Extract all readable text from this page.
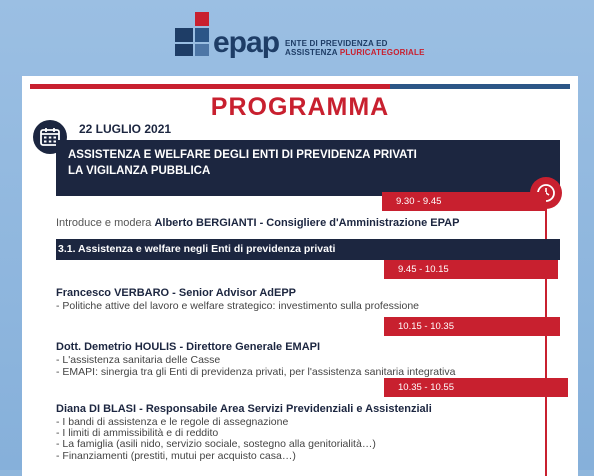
epap ENTE DI PREVIDENZA ED
ASSISTENZA PLURICATEGORIALE
PROGRAMMA
22 LUGLIO 2021
ASSISTENZA E WELFARE DEGLI ENTI DI PREVIDENZA PRIVATI
LA VIGILANZA PUBBLICA
9.30 - 9.45
Introduce e modera Alberto BERGIANTI - Consigliere d'Amministrazione EPAP
3.1. Assistenza e welfare negli Enti di previdenza privati
9.45 - 10.15
Francesco VERBARO - Senior Advisor AdEPP
- Politiche attive del lavoro e welfare strategico: investimento sulla professione
10.15 - 10.35
Dott. Demetrio HOULIS - Direttore Generale EMAPI
- L'assistenza sanitaria delle Casse
- EMAPI: sinergia tra gli Enti di previdenza privati, per l'assistenza sanitaria integrativa
10.35 - 10.55
Diana DI BLASI - Responsabile Area Servizi Previdenziali e Assistenziali
- I bandi di assistenza e le regole di assegnazione
- I limiti di ammissibilità e di reddito
- La famiglia (asili nido, servizio sociale, sostegno alla genitorialità…)
- Finanziamenti (prestiti, mutui per acquisto casa…)
